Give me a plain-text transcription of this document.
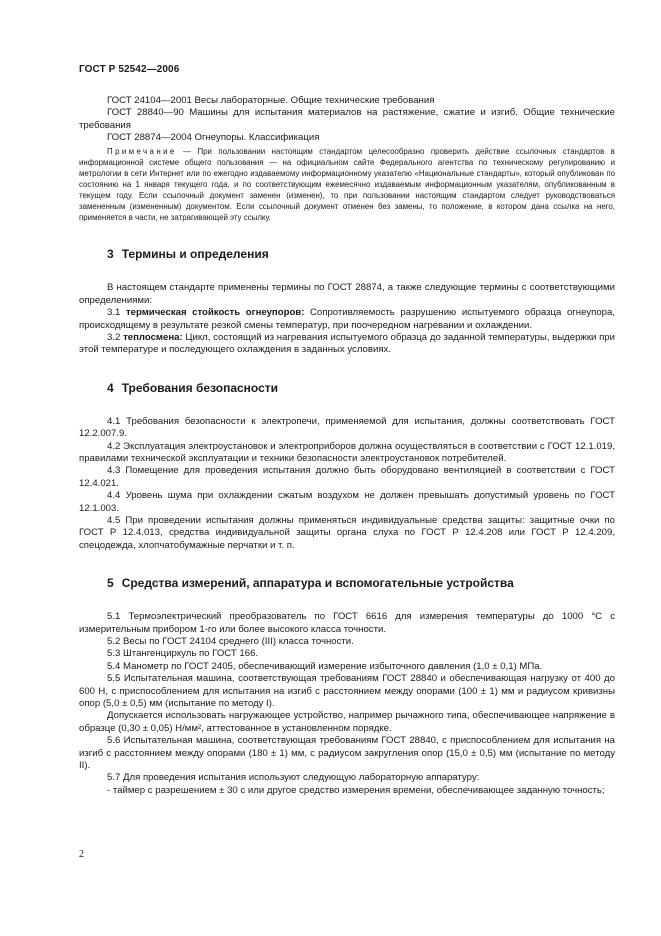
ГОСТ Р 52542—2006

ГОСТ 24104—2001 Весы лабораторные. Общие технические требования

ГОСТ 28840—90 Машины для испытания материалов на растяжение, сжатие и изгиб. Общие технические требования

ГОСТ 28874—2004 Огнеупоры. Классификация

Примечание — При пользовании настоящим стандартом целесообразно проверить действие ссылочных стандартов в информационной системе общего пользования — на официальном сайте Федерального агентства по техническому регулированию и метрологии в сети Интернет или по ежегодно издаваемому информационному указателю «Национальные стандарты», который опубликован по состоянию на 1 января текущего года, и по соответствующим ежемесячно издаваемым информационным указателям, опубликованным в текущем году. Если ссылочный документ заменен (изменен), то при пользовании настоящим стандартом следует руководствоваться замененным (измененным) документом. Если ссылочный документ отменен без замены, то положение, в котором дана ссылка на него, применяется в части, не затрагивающей эту ссылку.

3 Термины и определения

В настоящем стандарте применены термины по ГОСТ 28874, а также следующие термины с соответствующими определениями:

3.1 термическая стойкость огнеупоров: Сопротивляемость разрушению испытуемого образца огнеупора, происходящему в результате резкой смены температур, при поочередном нагревании и охлаждении.

3.2 теплосмена: Цикл, состоящий из нагревания испытуемого образца до заданной температуры, выдержки при этой температуре и последующего охлаждения в заданных условиях.

4 Требования безопасности

4.1 Требования безопасности к электропечи, применяемой для испытания, должны соответствовать ГОСТ 12.2.007.9.

4.2 Эксплуатация электроустановок и электроприборов должна осуществляться в соответствии с ГОСТ 12.1.019, правилами технической эксплуатации и техники безопасности электроустановок потребителей.

4.3 Помещение для проведения испытания должно быть оборудовано вентиляцией в соответствии с ГОСТ 12.4.021.

4.4 Уровень шума при охлаждении сжатым воздухом не должен превышать допустимый уровень по ГОСТ 12.1.003.

4.5 При проведении испытания должны применяться индивидуальные средства защиты: защитные очки по ГОСТ Р 12.4.013, средства индивидуальной защиты органа слуха по ГОСТ Р 12.4.208 или ГОСТ Р 12.4.209, спецодежда, хлопчатобумажные перчатки и т. п.

5 Средства измерений, аппаратура и вспомогательные устройства

5.1 Термоэлектрический преобразователь по ГОСТ 6616 для измерения температуры до 1000 °С с измерительным прибором 1-го или более высокого класса точности.

5.2 Весы по ГОСТ 24104 среднего (III) класса точности.

5.3 Штангенциркуль по ГОСТ 166.

5.4 Манометр по ГОСТ 2405, обеспечивающий измерение избыточного давления (1,0 ± 0,1) МПа.

5.5 Испытательная машина, соответствующая требованиям ГОСТ 28840 и обеспечивающая нагрузку от 400 до 600 Н, с приспособлением для испытания на изгиб с расстоянием между опорами (100 ± 1) мм и радиусом кривизны опор (5,0 ± 0,5) мм (испытание по методу I).

Допускается использовать нагружающее устройство, например рычажного типа, обеспечивающее напряжение в образце (0,30 ± 0,05) Н/мм², аттестованное в установленном порядке.

5.6 Испытательная машина, соответствующая требованиям ГОСТ 28840, с приспособлением для испытания на изгиб с расстоянием между опорами (180 ± 1) мм, с радиусом закругления опор (15,0 ± 0,5) мм (испытание по методу II).

5.7 Для проведения испытания используют следующую лабораторную аппаратуру:

- таймер с разрешением ± 30 с или другое средство измерения времени, обеспечивающее заданную точность;

2
